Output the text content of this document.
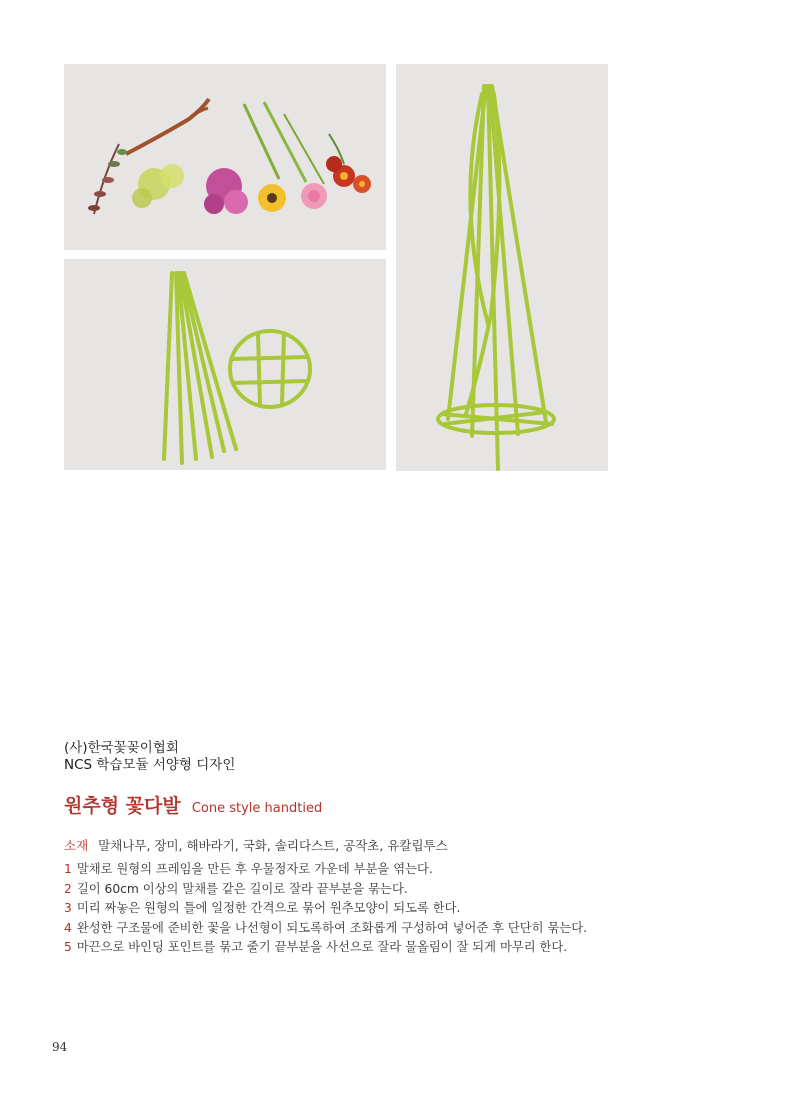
(사)한국꽃꽂이협회
NCS 학습모듈 서양형 디자인
원추형 꽃다발 Cone style handtied
소재 말채나무, 장미, 해바라기, 국화, 솔리다스트, 공작초, 유칼립투스
1 말채로 원형의 프레임을 만든 후 우물정자로 가운데 부분을 엮는다.
2 길이 60cm 이상의 말채를 같은 길이로 잘라 끝부분을 묶는다.
3 미리 짜놓은 원형의 틀에 일정한 간격으로 묶어 원추모양이 되도록 한다.
4 완성한 구조물에 준비한 꽃을 나선형이 되도록하여 조화롭게 구성하여 넣어준 후 단단히 묶는다.
5 마끈으로 바인딩 포인트를 묶고 줄기 끝부분을 사선으로 잘라 물올림이 잘 되게 마무리 한다.
94
